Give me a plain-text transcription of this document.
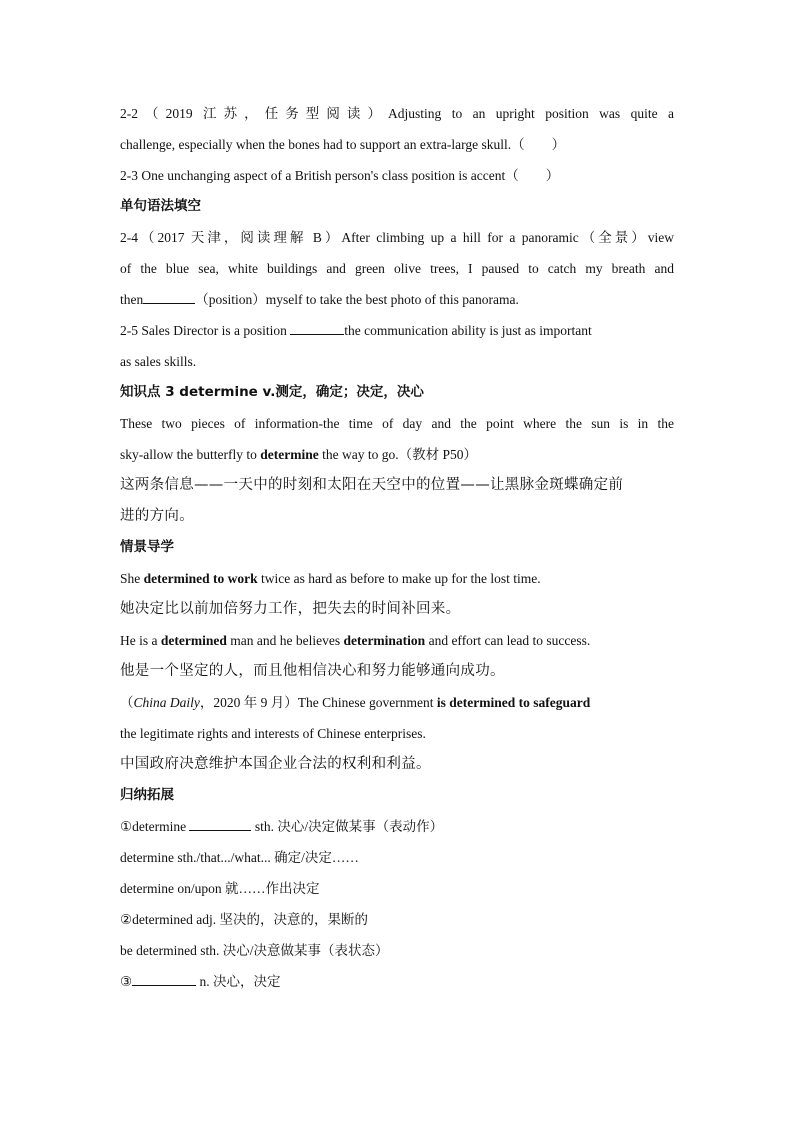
2-2（2019 江苏，任务型阅读）Adjusting to an upright position was quite a
challenge, especially when the bones had to support an extra-large skull.（　　）
2-3 One unchanging aspect of a British person's class position is accent（　　）
单句语法填空
2-4（2017 天津，阅读理解 B）After climbing up a hill for a panoramic（全景）view
of the blue sea, white buildings and green olive trees, I paused to catch my breath and
then	（position）myself to take the best photo of this panorama.
2-5 Sales Director is a position	the communication ability is just as important
as sales skills.
知识点 3 determine v.测定，确定；决定，决心
These two pieces of information-the time of day and the point where the sun is in the
sky-allow the butterfly to determine the way to go.（教材 P50）
这两条信息——一天中的时刻和太阳在天空中的位置——让黑脉金斑蝶确定前
进的方向。
情景导学
She determined to work twice as hard as before to make up for the lost time.
她决定比以前加倍努力工作，把失去的时间补回来。
He is a determined man and he believes determination and effort can lead to success.
他是一个坚定的人，而且他相信决心和努力能够通向成功。
（China Daily，2020 年 9 月）The Chinese government is determined to safeguard
the legitimate rights and interests of Chinese enterprises.
中国政府决意维护本国企业合法的权利和利益。
归纳拓展
①determine	sth. 决心/决定做某事（表动作）
determine sth./that.../what... 确定/决定……
determine on/upon 就……作出决定
②determined adj. 坚决的，决意的，果断的
be determined sth. 决心/决意做某事（表状态）
③	n. 决心，决定
